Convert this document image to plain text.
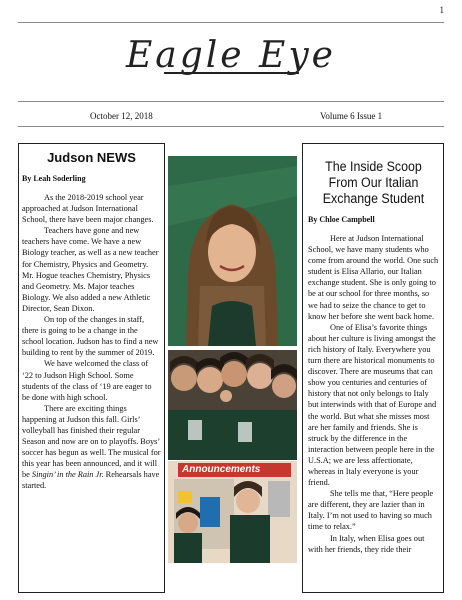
1
Eagle Eye
October 12, 2018	Volume 6 Issue 1
Judson NEWS
By Leah Soderling

As the 2018-2019 school year approached at Judson International School, there have been major changes.

Teachers have gone and new teachers have come. We have a new Biology teacher, as well as a new teacher for Chemistry, Physics and Geometry. Mr. Hogue teaches Chemistry, Physics and Geometry. Ms. Major teaches Biology. We also added a new Athletic Director, Sean Dixon.

On top of the changes in staff, there is going to be a change in the school location. Judson has to find a new building to rent by the summer of 2019.

We have welcomed the class of ‘22 to Judson High School. Some students of the class of ‘19 are eager to be done with high school.

There are exciting things happening at Judson this fall. Girls’ volleyball has finished their regular Season and now are on to playoffs. Boys’ soccer has begun as well. The musical for this year has been announced, and it will be Singin’ in the Rain Jr. Rehearsals have started.

Announcements
The Inside Scoop From Our Italian Exchange Student
By Chloe Campbell

Here at Judson International School, we have many students who come from around the world. One such student is Elisa Allario, our Italian exchange student. She is only going to be at our school for three months, so we had to seize the chance to get to know her before she went back home.

One of Elisa’s favorite things about her culture is living amongst the rich history of Italy. Everywhere you turn there are historical monuments to discover. There are museums that can show you centuries and centuries of history that not only belongs to Italy but interwinds with that of Europe and the world. But what she misses most are her family and friends. She is struck by the difference in the interaction between people here in the U.S.A; we are less affectionate, whereas in Italy everyone is your friend.

She tells me that, “Here people are different, they are lazier than in Italy. I’m not used to having so much time to relax.”

In Italy, when Elisa goes out with her friends, they ride their
